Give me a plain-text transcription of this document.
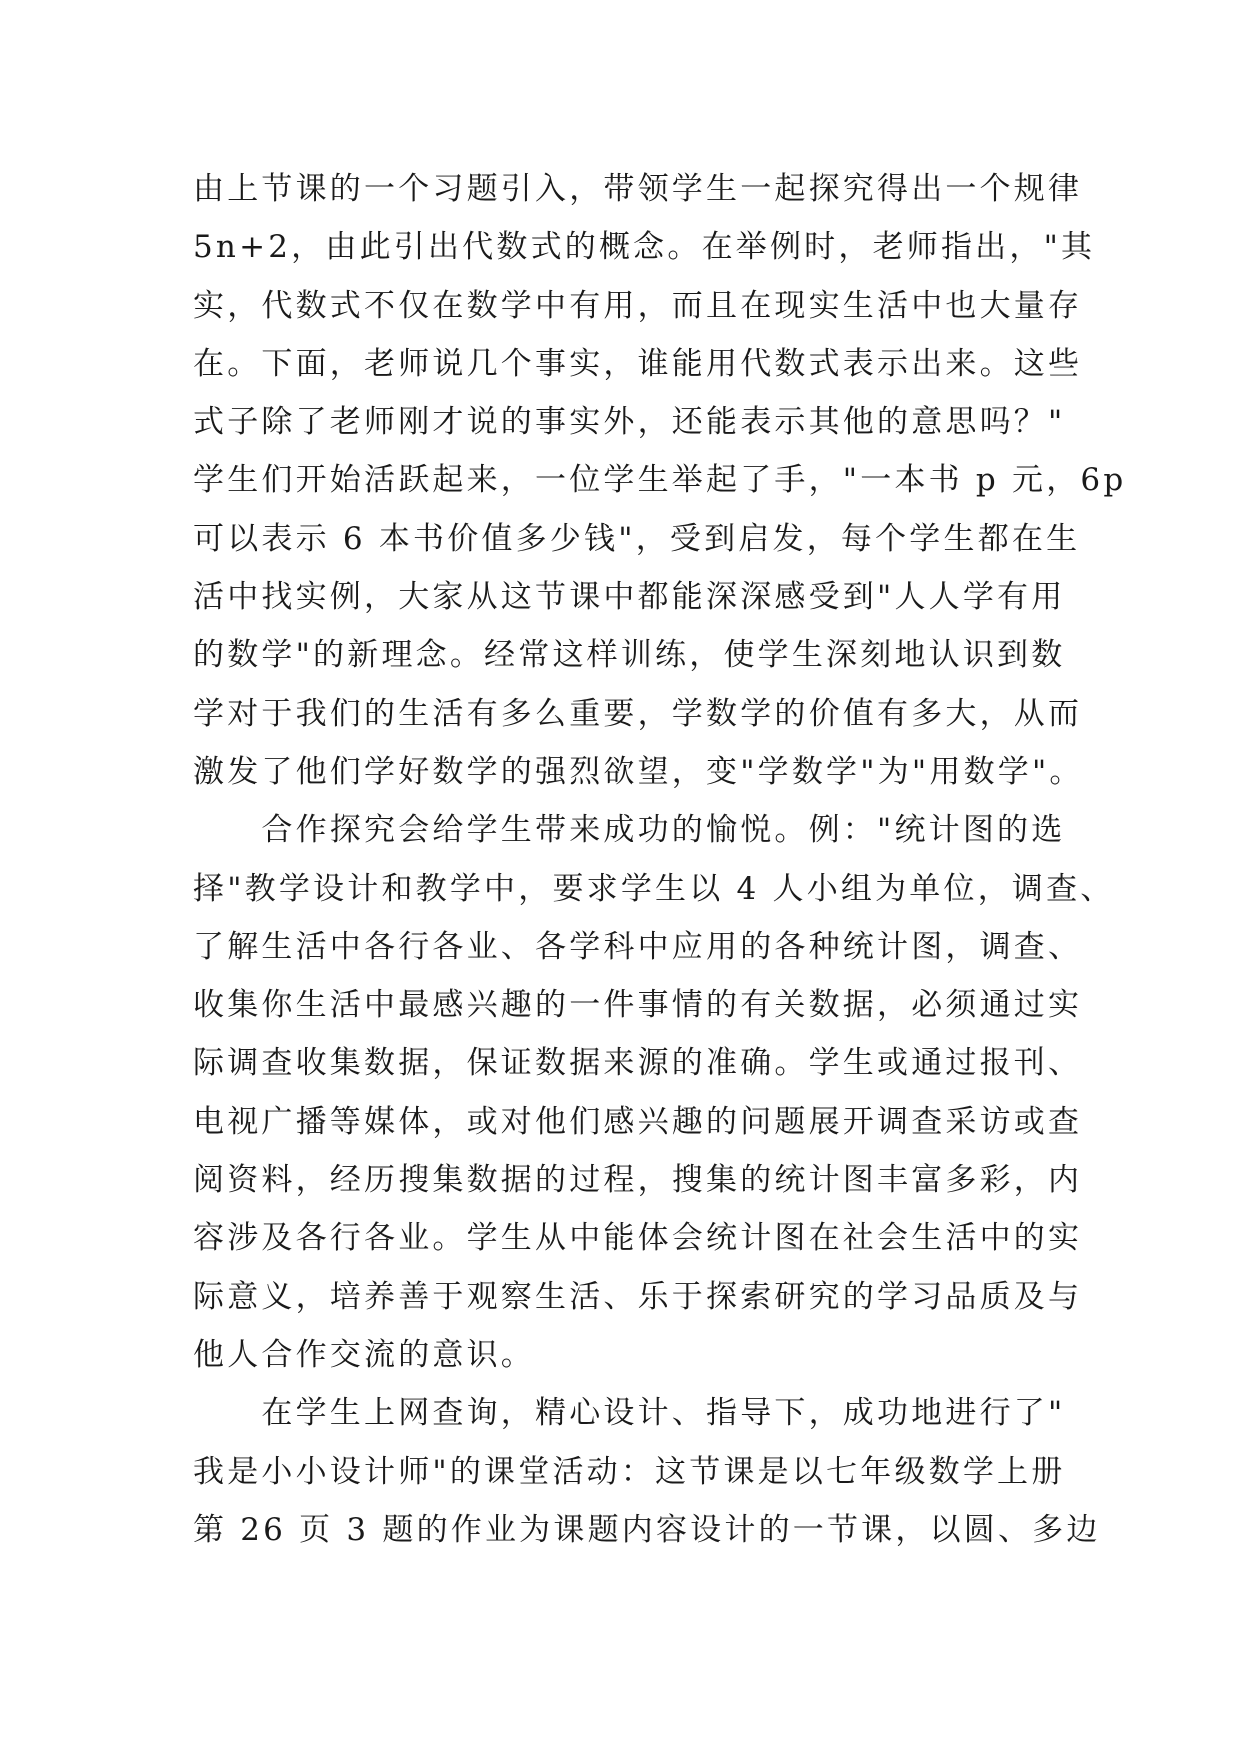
由上节课的一个习题引入，带领学生一起探究得出一个规律
5n+2，由此引出代数式的概念。在举例时，老师指出，"其
实，代数式不仅在数学中有用，而且在现实生活中也大量存
在。下面，老师说几个事实，谁能用代数式表示出来。这些
式子除了老师刚才说的事实外，还能表示其他的意思吗？"
学生们开始活跃起来，一位学生举起了手，"一本书 p 元，6p
可以表示 6 本书价值多少钱"，受到启发，每个学生都在生
活中找实例，大家从这节课中都能深深感受到"人人学有用
的数学"的新理念。经常这样训练，使学生深刻地认识到数
学对于我们的生活有多么重要，学数学的价值有多大，从而
激发了他们学好数学的强烈欲望，变"学数学"为"用数学"。
　　合作探究会给学生带来成功的愉悦。例："统计图的选
择"教学设计和教学中，要求学生以 4 人小组为单位，调查、
了解生活中各行各业、各学科中应用的各种统计图，调查、
收集你生活中最感兴趣的一件事情的有关数据，必须通过实
际调查收集数据，保证数据来源的准确。学生或通过报刊、
电视广播等媒体，或对他们感兴趣的问题展开调查采访或查
阅资料，经历搜集数据的过程，搜集的统计图丰富多彩，内
容涉及各行各业。学生从中能体会统计图在社会生活中的实
际意义，培养善于观察生活、乐于探索研究的学习品质及与
他人合作交流的意识。
　　在学生上网查询，精心设计、指导下，成功地进行了"
我是小小设计师"的课堂活动：这节课是以七年级数学上册
第 26 页 3 题的作业为课题内容设计的一节课，以圆、多边
